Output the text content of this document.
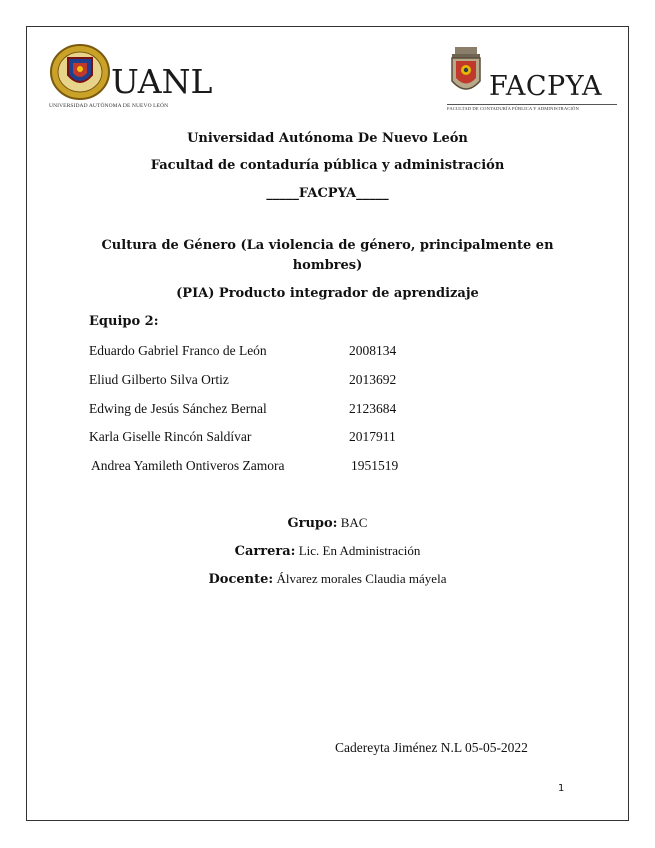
UANL
UNIVERSIDAD AUTÓNOMA DE NUEVO LEÓN
FACPYA
FACULTAD DE CONTADURÍA PÚBLICA Y ADMINISTRACIÓN
Universidad Autónoma De Nuevo León
Facultad de contaduría pública y administración
_____FACPYA_____
Cultura de Género (La violencia de género, principalmente en
hombres)
(PIA) Producto integrador de aprendizaje
Equipo 2:
Eduardo Gabriel Franco de León	2008134
Eliud Gilberto Silva Ortiz	2013692
Edwing de Jesús Sánchez Bernal	2123684
Karla Giselle Rincón Saldívar	2017911
Andrea Yamileth Ontiveros Zamora	1951519
Grupo: BAC
Carrera: Lic. En Administración
Docente: Álvarez morales Claudia máyela
Cadereyta Jiménez N.L 05-05-2022
1
